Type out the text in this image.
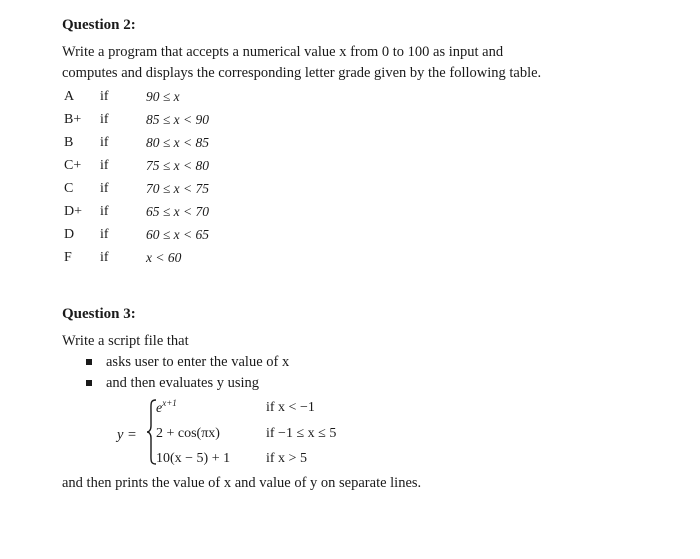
Question 2:
Write a program that accepts a numerical value x from 0 to 100 as input and
computes and displays the corresponding letter grade given by the following table.
A if	90 ≤ x
B+ if	85 ≤ x < 90
B if	80 ≤ x < 85
C+ if	75 ≤ x < 80
C if	70 ≤ x < 75
D+ if	65 ≤ x < 70
D if	60 ≤ x < 65
F if	x < 60
Question 3:
Write a script file that
asks user to enter the value of x
and then evaluates y using
y =
$e^{x+1}$	if x < −1
2 + cos(πx)	if −1 ≤ x ≤ 5
10(x − 5) + 1	if x > 5
and then prints the value of x and value of y on separate lines.
